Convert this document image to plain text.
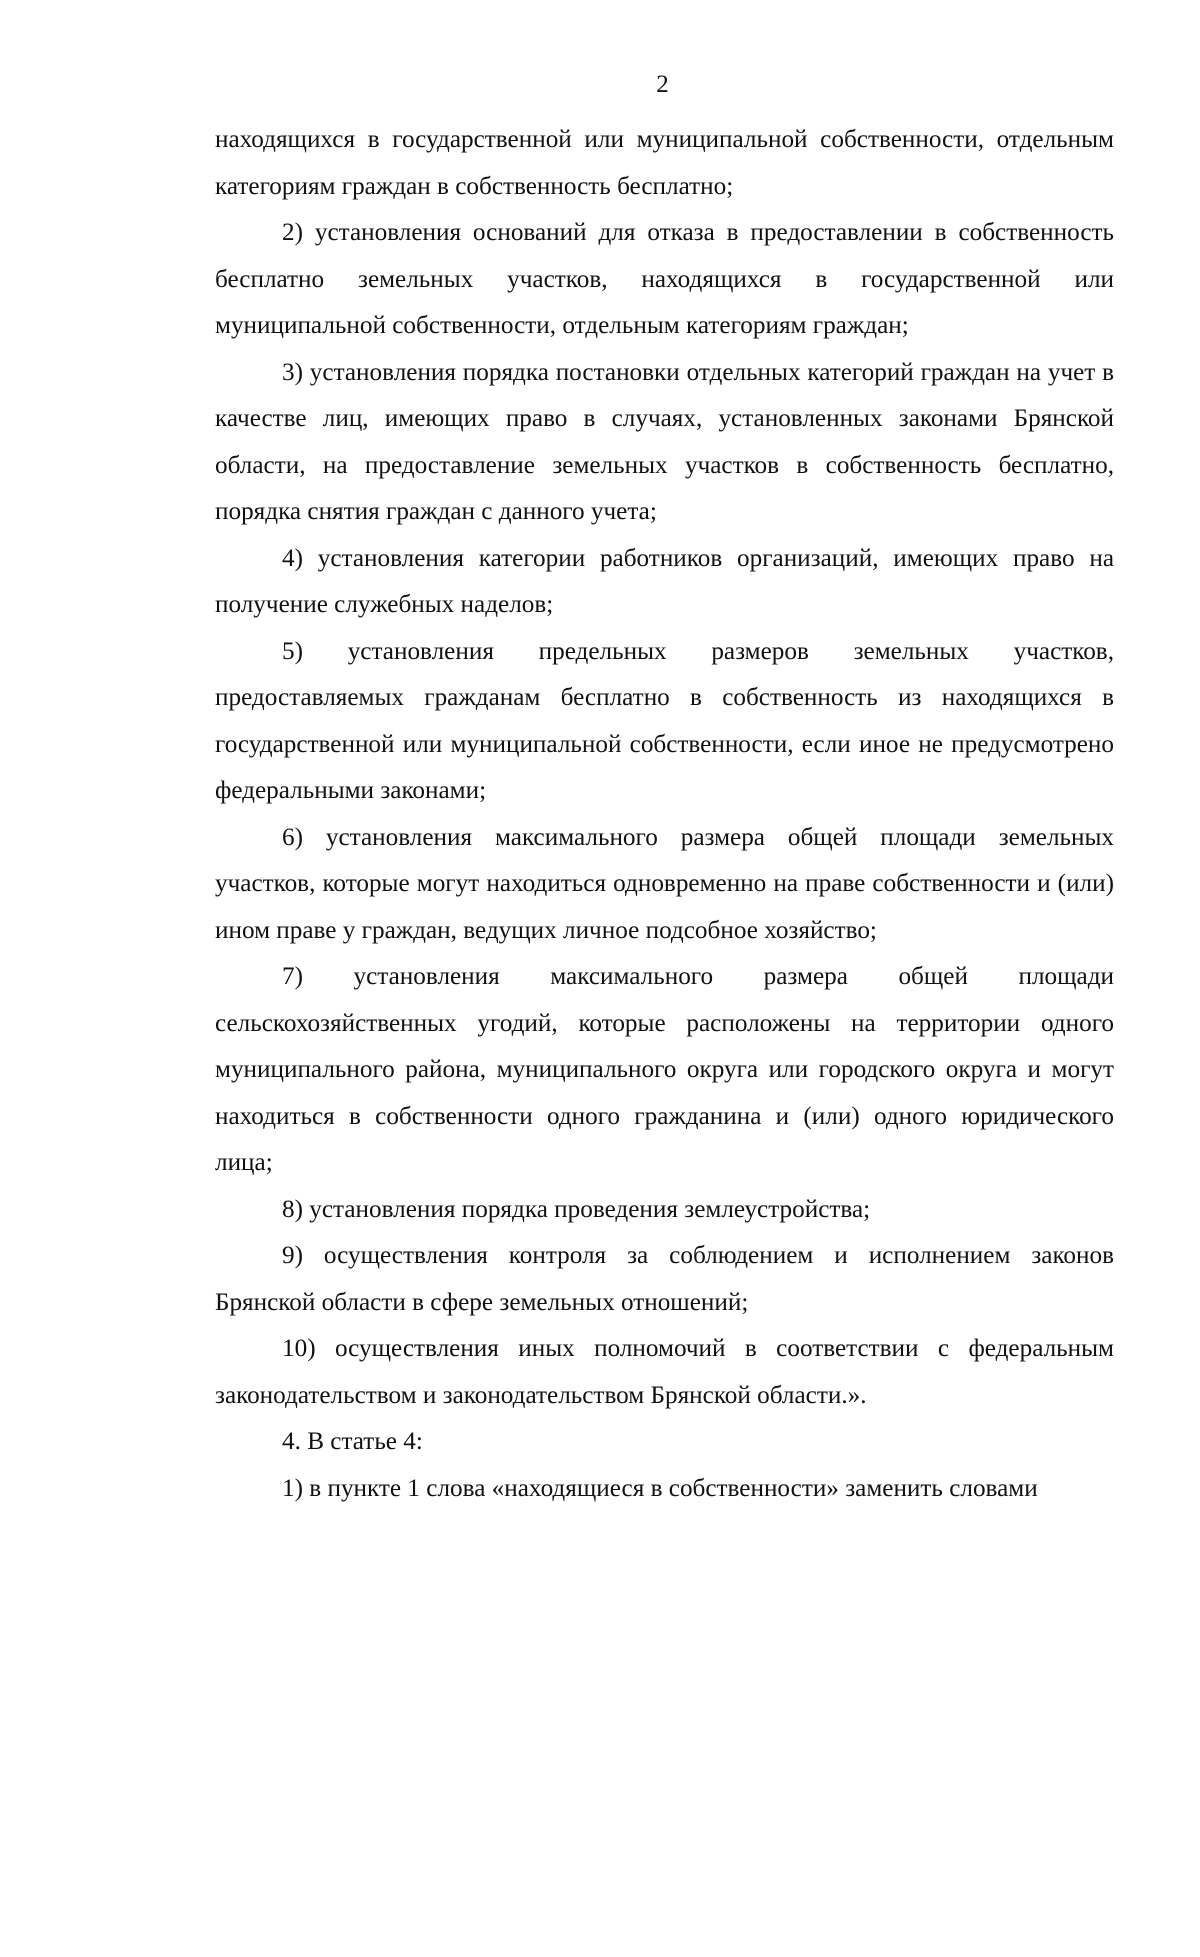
2

находящихся в государственной или муниципальной собственности, отдельным категориям граждан в собственность бесплатно;

2) установления оснований для отказа в предоставлении в собственность бесплатно земельных участков, находящихся в государственной или муниципальной собственности, отдельным категориям граждан;

3) установления порядка постановки отдельных категорий граждан на учет в качестве лиц, имеющих право в случаях, установленных законами Брянской области, на предоставление земельных участков в собственность бесплатно, порядка снятия граждан с данного учета;

4) установления категории работников организаций, имеющих право на получение служебных наделов;

5) установления предельных размеров земельных участков, предоставляемых гражданам бесплатно в собственность из находящихся в государственной или муниципальной собственности, если иное не предусмотрено федеральными законами;

6) установления максимального размера общей площади земельных участков, которые могут находиться одновременно на праве собственности и (или) ином праве у граждан, ведущих личное подсобное хозяйство;

7) установления максимального размера общей площади сельскохозяйственных угодий, которые расположены на территории одного муниципального района, муниципального округа или городского округа и могут находиться в собственности одного гражданина и (или) одного юридического лица;

8) установления порядка проведения землеустройства;

9) осуществления контроля за соблюдением и исполнением законов Брянской области в сфере земельных отношений;

10) осуществления иных полномочий в соответствии с федеральным законодательством и законодательством Брянской области.».

4. В статье 4:

1) в пункте 1 слова «находящиеся в собственности» заменить словами
